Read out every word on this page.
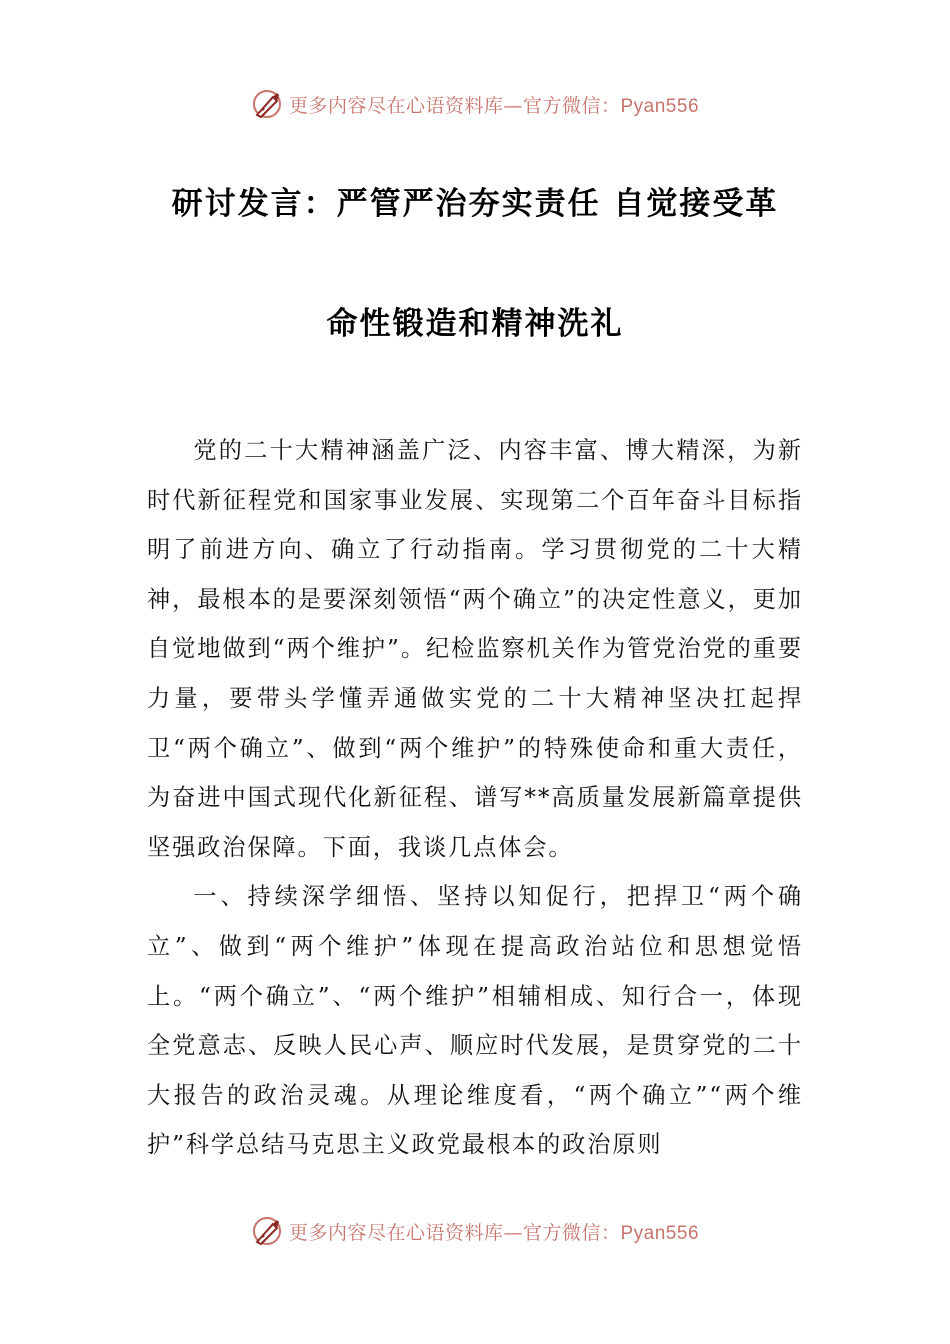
更多内容尽在心语资料库—官方微信：Pyan556
研讨发言：严管严治夯实责任 自觉接受革
命性锻造和精神洗礼

党的二十大精神涵盖广泛、内容丰富、博大精深，为新时代新征程党和国家事业发展、实现第二个百年奋斗目标指明了前进方向、确立了行动指南。学习贯彻党的二十大精神，最根本的是要深刻领悟“两个确立”的决定性意义，更加自觉地做到“两个维护”。纪检监察机关作为管党治党的重要力量，要带头学懂弄通做实党的二十大精神坚决扛起捍卫“两个确立”、做到“两个维护”的特殊使命和重大责任，为奋进中国式现代化新征程、谱写**高质量发展新篇章提供坚强政治保障。下面，我谈几点体会。

一、持续深学细悟、坚持以知促行，把捍卫“两个确立”、做到“两个维护”体现在提高政治站位和思想觉悟上。“两个确立”、“两个维护”相辅相成、知行合一，体现全党意志、反映人民心声、顺应时代发展，是贯穿党的二十大报告的政治灵魂。从理论维度看，“两个确立”“两个维护”科学总结马克思主义政党最根本的政治原则

更多内容尽在心语资料库—官方微信：Pyan556
